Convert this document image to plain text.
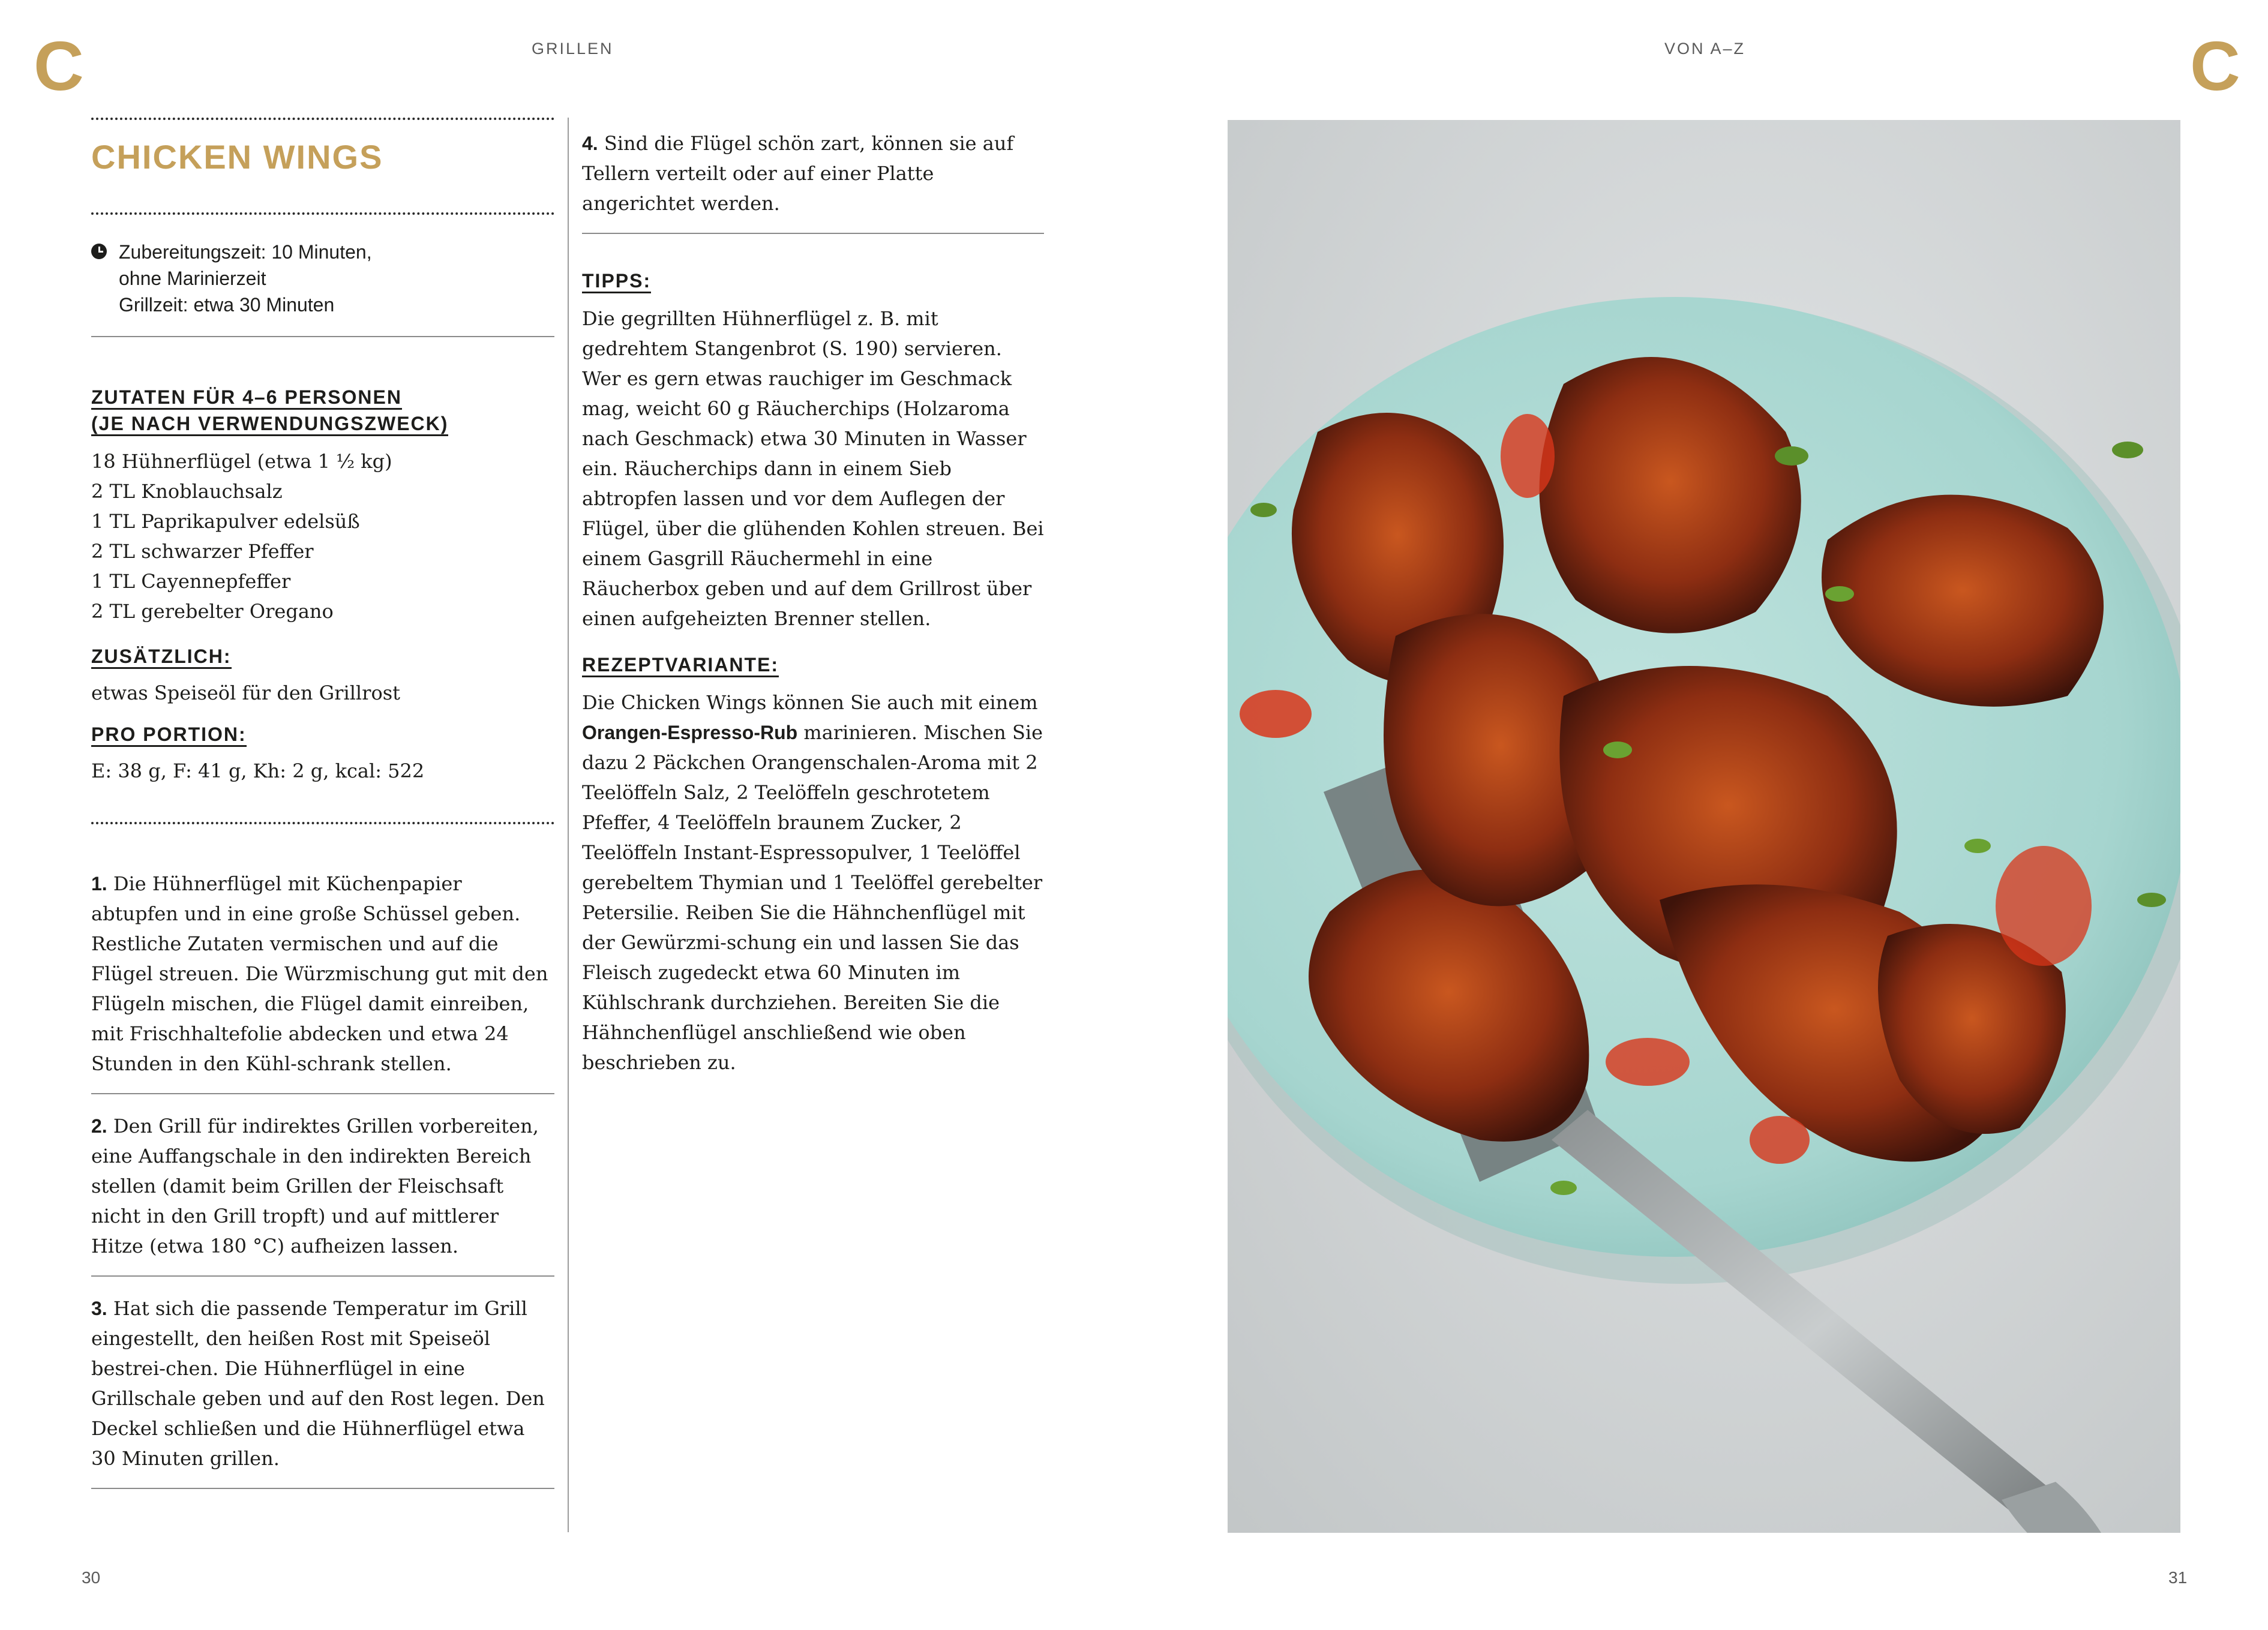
C	GRILLEN	VON A–Z	C
CHICKEN WINGS
Zubereitungszeit: 10 Minuten,
ohne Marinierzeit
Grillzeit: etwa 30 Minuten
ZUTATEN FÜR 4–6 PERSONEN
(JE NACH VERWENDUNGSZWECK)
18 Hühnerflügel (etwa 1 ½ kg)
2 TL Knoblauchsalz
1 TL Paprikapulver edelsüß
2 TL schwarzer Pfeffer
1 TL Cayennepfeffer
2 TL gerebelter Oregano
ZUSÄTZLICH:
etwas Speiseöl für den Grillrost
PRO PORTION:
E: 38 g, F: 41 g, Kh: 2 g, kcal: 522
1. Die Hühnerflügel mit Küchenpapier abtupfen und in eine große Schüssel geben. Restliche Zutaten vermischen und auf die Flügel streuen. Die Würzmischung gut mit den Flügeln mischen, die Flügel damit einreiben, mit Frischhaltefolie abdecken und etwa 24 Stunden in den Kühl-schrank stellen.
2. Den Grill für indirektes Grillen vorbereiten, eine Auffangschale in den indirekten Bereich stellen (damit beim Grillen der Fleischsaft nicht in den Grill tropft) und auf mittlerer Hitze (etwa 180 °C) aufheizen lassen.
3. Hat sich die passende Temperatur im Grill eingestellt, den heißen Rost mit Speiseöl bestrei-chen. Die Hühnerflügel in eine Grillschale geben und auf den Rost legen. Den Deckel schließen und die Hühnerflügel etwa 30 Minuten grillen.
4. Sind die Flügel schön zart, können sie auf Tellern verteilt oder auf einer Platte angerichtet werden.
TIPPS:
Die gegrillten Hühnerflügel z. B. mit gedrehtem Stangenbrot (S. 190) servieren.
Wer es gern etwas rauchiger im Geschmack mag, weicht 60 g Räucherchips (Holzaroma nach Geschmack) etwa 30 Minuten in Wasser ein. Räucherchips dann in einem Sieb abtropfen lassen und vor dem Auflegen der Flügel, über die glühenden Kohlen streuen. Bei einem Gasgrill Räuchermehl in eine Räucherbox geben und auf dem Grillrost über einen aufgeheizten Brenner stellen.
REZEPTVARIANTE:
Die Chicken Wings können Sie auch mit einem Orangen-Espresso-Rub marinieren. Mischen Sie dazu 2 Päckchen Orangenschalen-Aroma mit 2 Teelöffeln Salz, 2 Teelöffeln geschrotetem Pfeffer, 4 Teelöffeln braunem Zucker, 2 Teelöffeln Instant-Espressopulver, 1 Teelöffel gerebeltem Thymian und 1 Teelöffel gerebelter Petersilie. Reiben Sie die Hähnchenflügel mit der Gewürzmi-schung ein und lassen Sie das Fleisch zugedeckt etwa 60 Minuten im Kühlschrank durchziehen. Bereiten Sie die Hähnchenflügel anschließend wie oben beschrieben zu.
30	31
